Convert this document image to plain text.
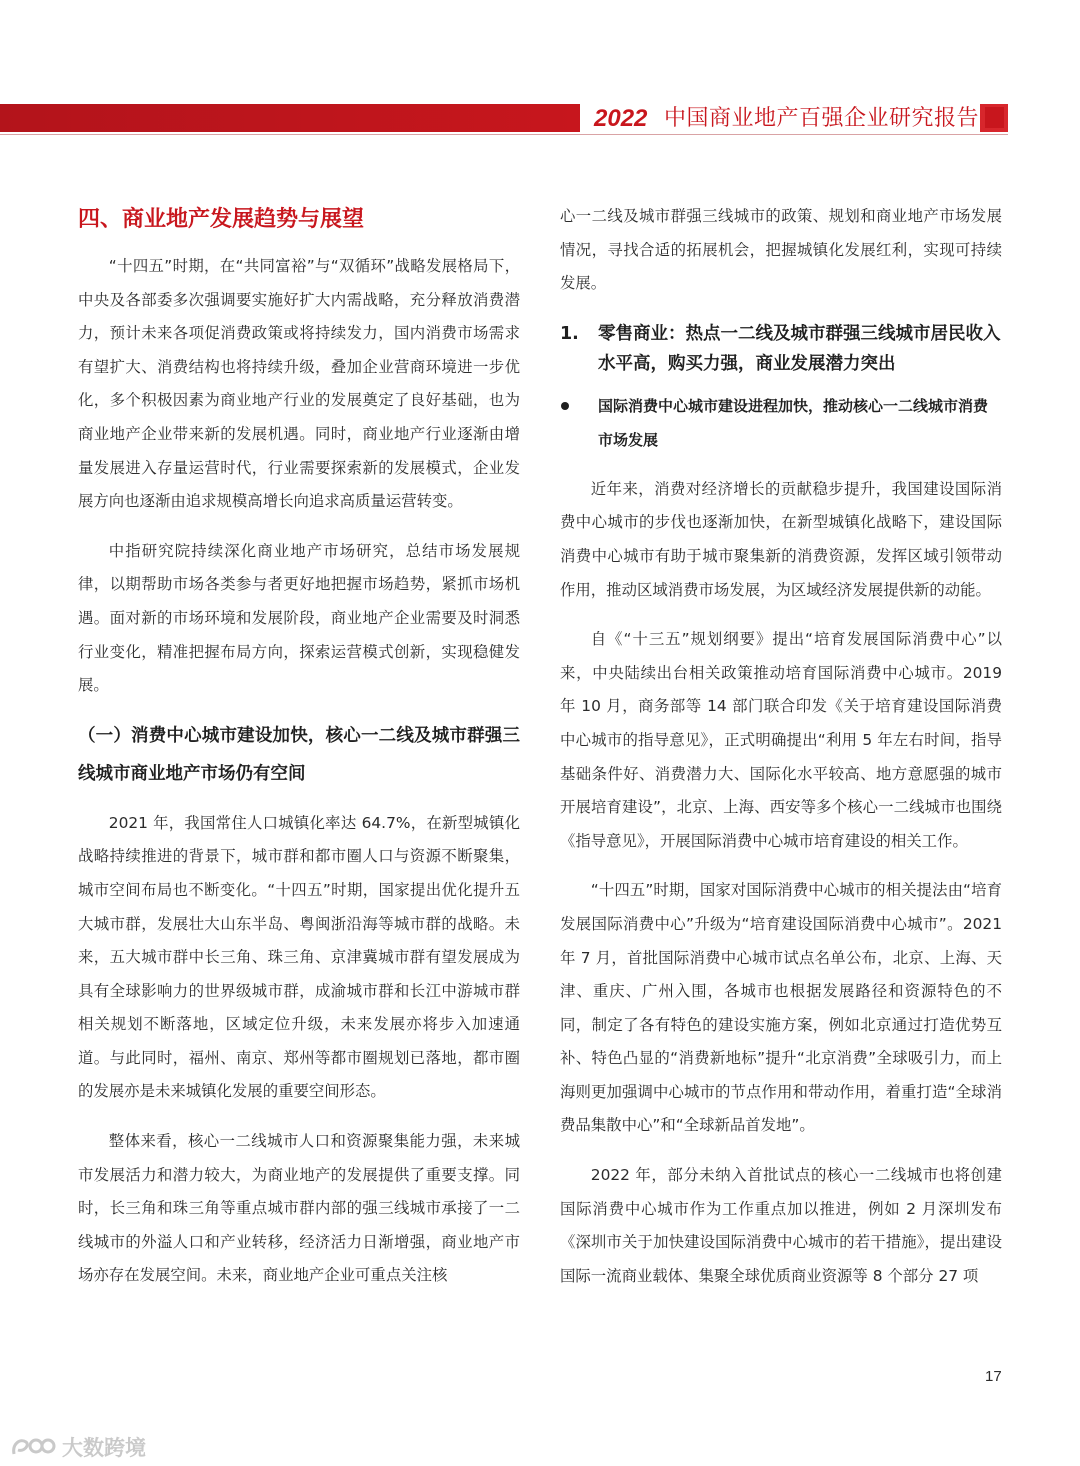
2022 中国商业地产百强企业研究报告
四、商业地产发展趋势与展望

“十四五”时期，在“共同富裕”与“双循环”战略发展格局下，中央及各部委多次强调要实施好扩大内需战略，充分释放消费潜力，预计未来各项促消费政策或将持续发力，国内消费市场需求有望扩大、消费结构也将持续升级，叠加企业营商环境进一步优化，多个积极因素为商业地产行业的发展奠定了良好基础，也为商业地产企业带来新的发展机遇。同时，商业地产行业逐渐由增量发展进入存量运营时代，行业需要探索新的发展模式，企业发展方向也逐渐由追求规模高增长向追求高质量运营转变。

中指研究院持续深化商业地产市场研究，总结市场发展规律，以期帮助市场各类参与者更好地把握市场趋势，紧抓市场机遇。面对新的市场环境和发展阶段，商业地产企业需要及时洞悉行业变化，精准把握布局方向，探索运营模式创新，实现稳健发展。

（一）消费中心城市建设加快，核心一二线及城市群强三线城市商业地产市场仍有空间

2021 年，我国常住人口城镇化率达 64.7%，在新型城镇化战略持续推进的背景下，城市群和都市圈人口与资源不断聚集，城市空间布局也不断变化。“十四五”时期，国家提出优化提升五大城市群，发展壮大山东半岛、粤闽浙沿海等城市群的战略。未来，五大城市群中长三角、珠三角、京津冀城市群有望发展成为具有全球影响力的世界级城市群，成渝城市群和长江中游城市群相关规划不断落地，区域定位升级，未来发展亦将步入加速通道。与此同时，福州、南京、郑州等都市圈规划已落地，都市圈的发展亦是未来城镇化发展的重要空间形态。

整体来看，核心一二线城市人口和资源聚集能力强，未来城市发展活力和潜力较大，为商业地产的发展提供了重要支撑。同时，长三角和珠三角等重点城市群内部的强三线城市承接了一二线城市的外溢人口和产业转移，经济活力日渐增强，商业地产市场亦存在发展空间。未来，商业地产企业可重点关注核

心一二线及城市群强三线城市的政策、规划和商业地产市场发展情况，寻找合适的拓展机会，把握城镇化发展红利，实现可持续发展。

1.	零售商业：热点一二线及城市群强三线城市居民收入水平高，购买力强，商业发展潜力突出
国际消费中心城市建设进程加快，推动核心一二线城市消费市场发展

近年来，消费对经济增长的贡献稳步提升，我国建设国际消费中心城市的步伐也逐渐加快，在新型城镇化战略下，建设国际消费中心城市有助于城市聚集新的消费资源，发挥区域引领带动作用，推动区域消费市场发展，为区域经济发展提供新的动能。

自《“十三五”规划纲要》提出“培育发展国际消费中心”以来，中央陆续出台相关政策推动培育国际消费中心城市。2019 年 10 月，商务部等 14 部门联合印发《关于培育建设国际消费中心城市的指导意见》，正式明确提出“利用 5 年左右时间，指导基础条件好、消费潜力大、国际化水平较高、地方意愿强的城市开展培育建设”，北京、上海、西安等多个核心一二线城市也围绕《指导意见》，开展国际消费中心城市培育建设的相关工作。

“十四五”时期，国家对国际消费中心城市的相关提法由“培育发展国际消费中心”升级为“培育建设国际消费中心城市”。2021 年 7 月，首批国际消费中心城市试点名单公布，北京、上海、天津、重庆、广州入围，各城市也根据发展路径和资源特色的不同，制定了各有特色的建设实施方案，例如北京通过打造优势互补、特色凸显的“消费新地标”提升“北京消费”全球吸引力，而上海则更加强调中心城市的节点作用和带动作用，着重打造“全球消费品集散中心”和“全球新品首发地”。

2022 年，部分未纳入首批试点的核心一二线城市也将创建国际消费中心城市作为工作重点加以推进，例如 2 月深圳发布《深圳市关于加快建设国际消费中心城市的若干措施》，提出建设国际一流商业载体、集聚全球优质商业资源等 8 个部分 27 项

17
大数跨境
